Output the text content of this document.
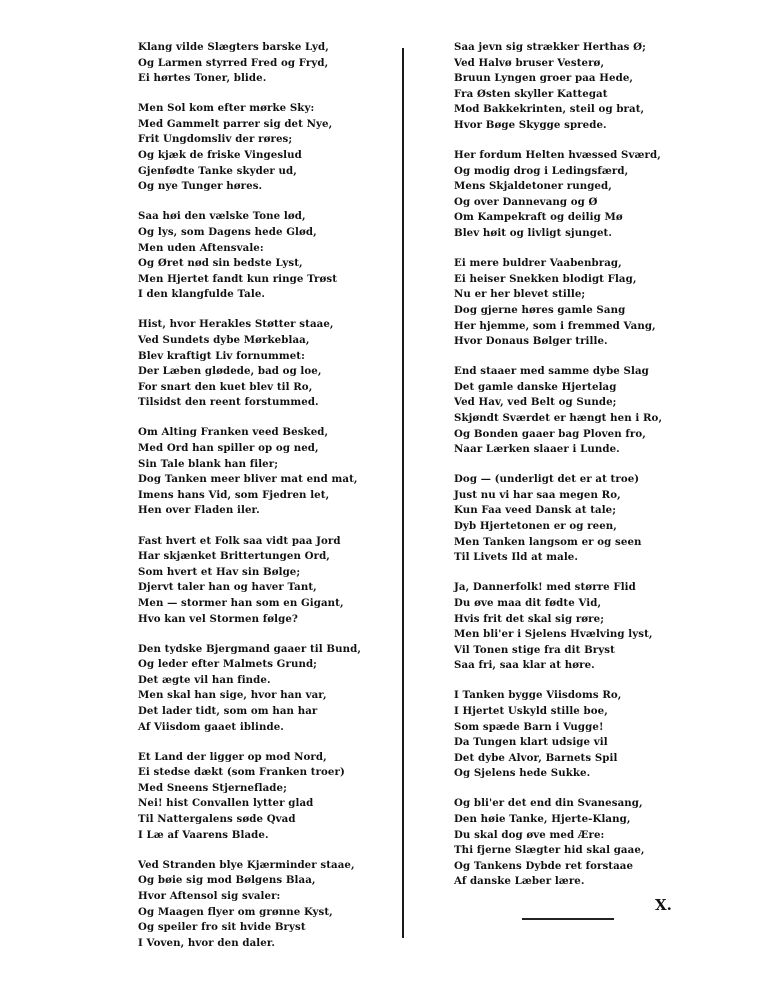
Klang vilde Slægters barske Lyd,
Og Larmen styrred Fred og Fryd,
Ei hørtes Toner, blide.
Men Sol kom efter mørke Sky:
Med Gammelt parrer sig det Nye,
Frit Ungdomsliv der røres;
Og kjæk de friske Vingeslud
Gjenfødte Tanke skyder ud,
Og nye Tunger høres.
Saa høi den vælske Tone lød,
Og lys, som Dagens hede Glød,
Men uden Aftensvale:
Og Øret nød sin bedste Lyst,
Men Hjertet fandt kun ringe Trøst
I den klangfulde Tale.
Hist, hvor Herakles Støtter staae,
Ved Sundets dybe Mørkeblaa,
Blev kraftigt Liv fornummet:
Der Læben glødede, bad og loe,
For snart den kuet blev til Ro,
Tilsidst den reent forstummed.
Om Alting Franken veed Besked,
Med Ord han spiller op og ned,
Sin Tale blank han filer;
Dog Tanken meer bliver mat end mat,
Imens hans Vid, som Fjedren let,
Hen over Fladen iler.
Fast hvert et Folk saa vidt paa Jord
Har skjænket Brittertungen Ord,
Som hvert et Hav sin Bølge;
Djervt taler han og haver Tant,
Men — stormer han som en Gigant,
Hvo kan vel Stormen følge?
Den tydske Bjergmand gaaer til Bund,
Og leder efter Malmets Grund;
Det ægte vil han finde.
Men skal han sige, hvor han var,
Det lader tidt, som om han har
Af Viisdom gaaet iblinde.
Et Land der ligger op mod Nord,
Ei stedse dækt (som Franken troer)
Med Sneens Stjerneflade;
Nei! hist Convallen lytter glad
Til Nattergalens søde Qvad
I Læ af Vaarens Blade.
Ved Stranden blye Kjærminder staae,
Og bøie sig mod Bølgens Blaa,
Hvor Aftensol sig svaler:
Og Maagen flyer om grønne Kyst,
Og speiler fro sit hvide Bryst
I Voven, hvor den daler.
Saa jevn sig strækker Herthas Ø;
Ved Halvø bruser Vesterø,
Bruun Lyngen groer paa Hede,
Fra Østen skyller Kattegat
Mod Bakkekrinten, steil og brat,
Hvor Bøge Skygge sprede.
Her fordum Helten hvæssed Sværd,
Og modig drog i Ledingsfærd,
Mens Skjaldetoner runged,
Og over Dannevang og Ø
Om Kampekraft og deilig Mø
Blev høit og livligt sjunget.
Ei mere buldrer Vaabenbrag,
Ei heiser Snekken blodigt Flag,
Nu er her blevet stille;
Dog gjerne høres gamle Sang
Her hjemme, som i fremmed Vang,
Hvor Donaus Bølger trille.
End staaer med samme dybe Slag
Det gamle danske Hjertelag
Ved Hav, ved Belt og Sunde;
Skjøndt Sværdet er hængt hen i Ro,
Og Bonden gaaer bag Ploven fro,
Naar Lærken slaaer i Lunde.
Dog — (underligt det er at troe)
Just nu vi har saa megen Ro,
Kun Faa veed Dansk at tale;
Dyb Hjertetonen er og reen,
Men Tanken langsom er og seen
Til Livets Ild at male.
Ja, Dannerfolk! med større Flid
Du øve maa dit fødte Vid,
Hvis frit det skal sig røre;
Men bli'er i Sjelens Hvælving lyst,
Vil Tonen stige fra dit Bryst
Saa fri, saa klar at høre.
I Tanken bygge Viisdoms Ro,
I Hjertet Uskyld stille boe,
Som spæde Barn i Vugge!
Da Tungen klart udsige vil
Det dybe Alvor, Barnets Spil
Og Sjelens hede Sukke.
Og bli'er det end din Svanesang,
Den høie Tanke, Hjerte-Klang,
Du skal dog øve med Ære:
Thi fjerne Slægter hid skal gaae,
Og Tankens Dybde ret forstaae
Af danske Læber lære.
X.
